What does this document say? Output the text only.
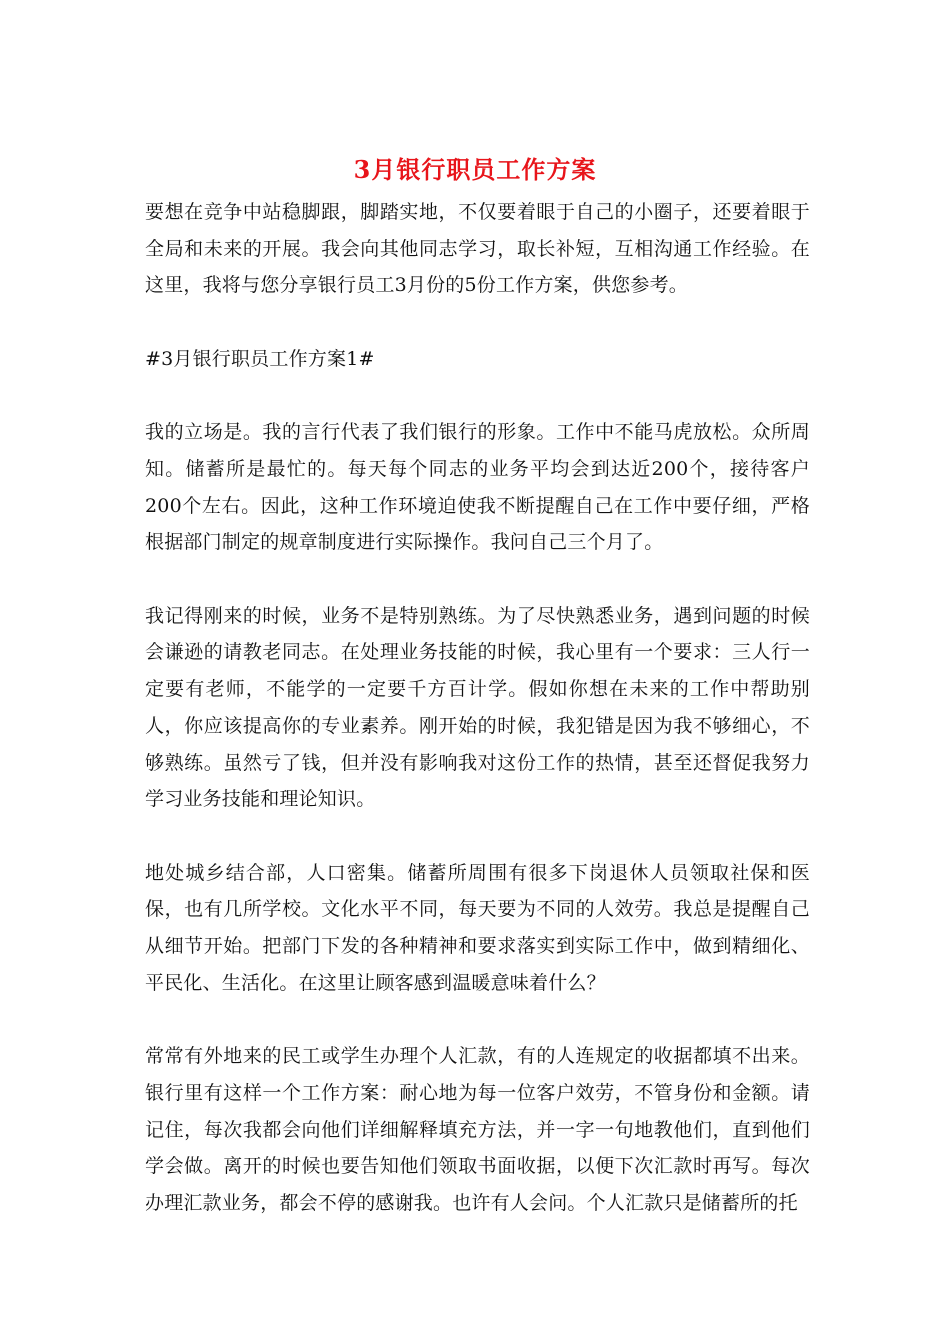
3月银行职员工作方案

要想在竞争中站稳脚跟，脚踏实地，不仅要着眼于自己的小圈子，还要着眼于全局和未来的开展。我会向其他同志学习，取长补短，互相沟通工作经验。在这里，我将与您分享银行员工3月份的5份工作方案，供您参考。

#3月银行职员工作方案1#

我的立场是。我的言行代表了我们银行的形象。工作中不能马虎放松。众所周知。储蓄所是最忙的。每天每个同志的业务平均会到达近200个，接待客户200个左右。因此，这种工作环境迫使我不断提醒自己在工作中要仔细，严格根据部门制定的规章制度进行实际操作。我问自己三个月了。

我记得刚来的时候，业务不是特别熟练。为了尽快熟悉业务，遇到问题的时候会谦逊的请教老同志。在处理业务技能的时候，我心里有一个要求：三人行一定要有老师，不能学的一定要千方百计学。假如你想在未来的工作中帮助别人，你应该提高你的专业素养。刚开始的时候，我犯错是因为我不够细心，不够熟练。虽然亏了钱，但并没有影响我对这份工作的热情，甚至还督促我努力学习业务技能和理论知识。

地处城乡结合部，人口密集。储蓄所周围有很多下岗退休人员领取社保和医保，也有几所学校。文化水平不同，每天要为不同的人效劳。我总是提醒自己从细节开始。把部门下发的各种精神和要求落实到实际工作中，做到精细化、平民化、生活化。在这里让顾客感到温暖意味着什么？

常常有外地来的民工或学生办理个人汇款，有的人连规定的收据都填不出来。银行里有这样一个工作方案：耐心地为每一位客户效劳，不管身份和金额。请记住，每次我都会向他们详细解释填充方法，并一字一句地教他们，直到他们学会做。离开的时候也要告知他们领取书面收据，以便下次汇款时再写。每次办理汇款业务，都会不停的感谢我。也许有人会问。个人汇款只是储蓄所的托
